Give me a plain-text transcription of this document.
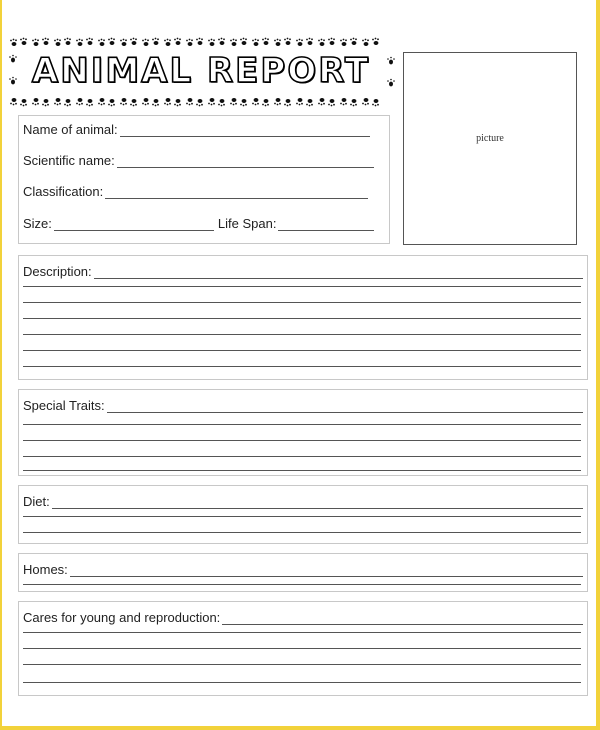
ANIMAL REPORT
Name of animal:
Scientific name:
Classification:
Size:	Life Span:
picture
Description:
Special Traits:
Diet:
Homes:
Cares for young and reproduction:
